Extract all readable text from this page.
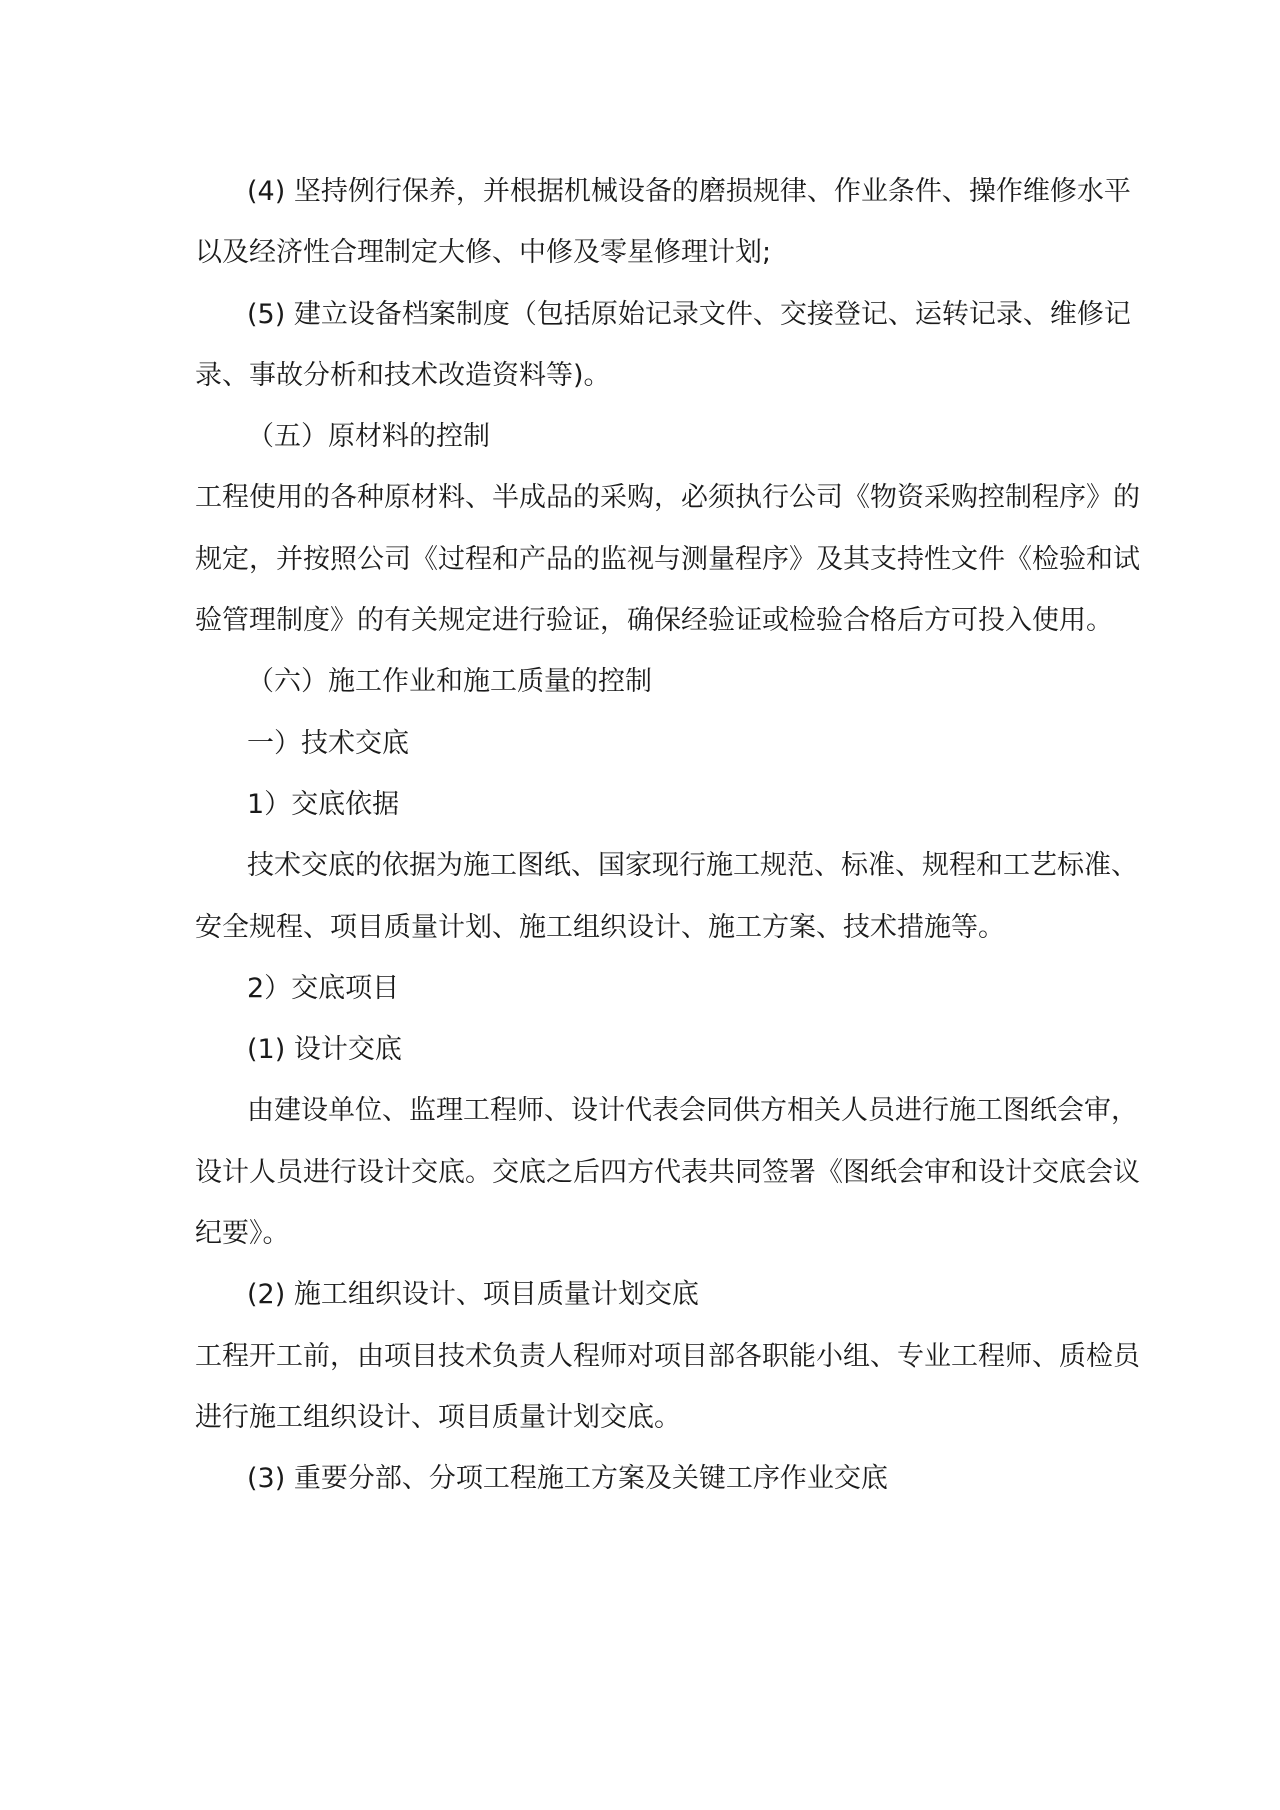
(4) 坚持例行保养，并根据机械设备的磨损规律、作业条件、操作维修水平
以及经济性合理制定大修、中修及零星修理计划;
(5) 建立设备档案制度（包括原始记录文件、交接登记、运转记录、维修记
录、事故分析和技术改造资料等)。
（五）原材料的控制
工程使用的各种原材料、半成品的采购，必须执行公司《物资采购控制程序》的
规定，并按照公司《过程和产品的监视与测量程序》及其支持性文件《检验和试
验管理制度》的有关规定进行验证，确保经验证或检验合格后方可投入使用。
（六）施工作业和施工质量的控制
一）技术交底
1）交底依据
技术交底的依据为施工图纸、国家现行施工规范、标准、规程和工艺标准、
安全规程、项目质量计划、施工组织设计、施工方案、技术措施等。
2）交底项目
(1) 设计交底
由建设单位、监理工程师、设计代表会同供方相关人员进行施工图纸会审，
设计人员进行设计交底。交底之后四方代表共同签署《图纸会审和设计交底会议
纪要》。
(2) 施工组织设计、项目质量计划交底
工程开工前，由项目技术负责人程师对项目部各职能小组、专业工程师、质检员
进行施工组织设计、项目质量计划交底。
(3) 重要分部、分项工程施工方案及关键工序作业交底
